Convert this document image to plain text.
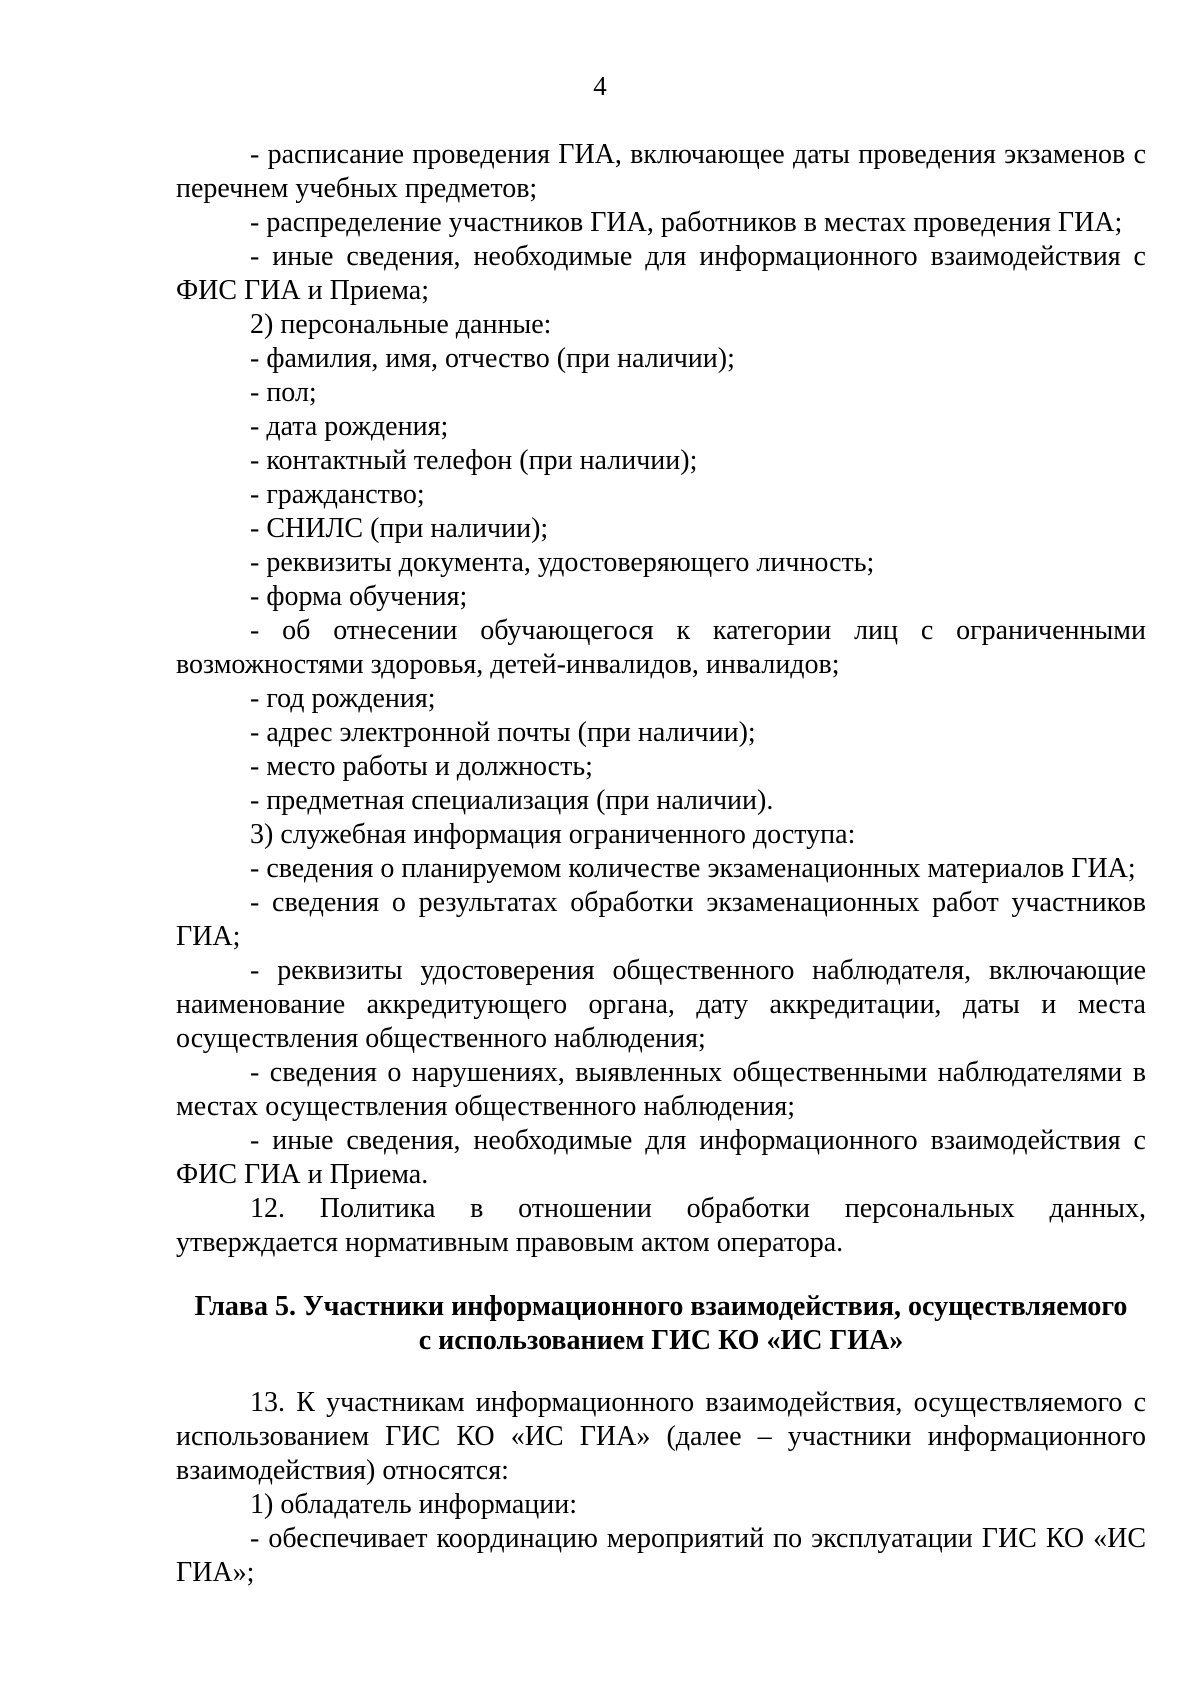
4

- расписание проведения ГИА, включающее даты проведения экзаменов с перечнем учебных предметов;

- распределение участников ГИА, работников в местах проведения ГИА;

- иные сведения, необходимые для информационного взаимодействия с ФИС ГИА и Приема;

2) персональные данные:

- фамилия, имя, отчество (при наличии);

- пол;

- дата рождения;

- контактный телефон (при наличии);

- гражданство;

- СНИЛС (при наличии);

- реквизиты документа, удостоверяющего личность;

- форма обучения;

- об отнесении обучающегося к категории лиц с ограниченными возможностями здоровья, детей-инвалидов, инвалидов;

- год рождения;

- адрес электронной почты (при наличии);

- место работы и должность;

- предметная специализация (при наличии).

3) служебная информация ограниченного доступа:

- сведения о планируемом количестве экзаменационных материалов ГИА;

- сведения о результатах обработки экзаменационных работ участников ГИА;

- реквизиты удостоверения общественного наблюдателя, включающие наименование аккредитующего органа, дату аккредитации, даты и места осуществления общественного наблюдения;

- сведения о нарушениях, выявленных общественными наблюдателями в местах осуществления общественного наблюдения;

- иные сведения, необходимые для информационного взаимодействия с ФИС ГИА и Приема.

12. Политика в отношении обработки персональных данных, утверждается нормативным правовым актом оператора.

Глава 5. Участники информационного взаимодействия, осуществляемого
с использованием ГИС КО «ИС ГИА»

13. К участникам информационного взаимодействия, осуществляемого с использованием ГИС КО «ИС ГИА» (далее – участники информационного взаимодействия) относятся:

1) обладатель информации:

- обеспечивает координацию мероприятий по эксплуатации ГИС КО «ИС ГИА»;
